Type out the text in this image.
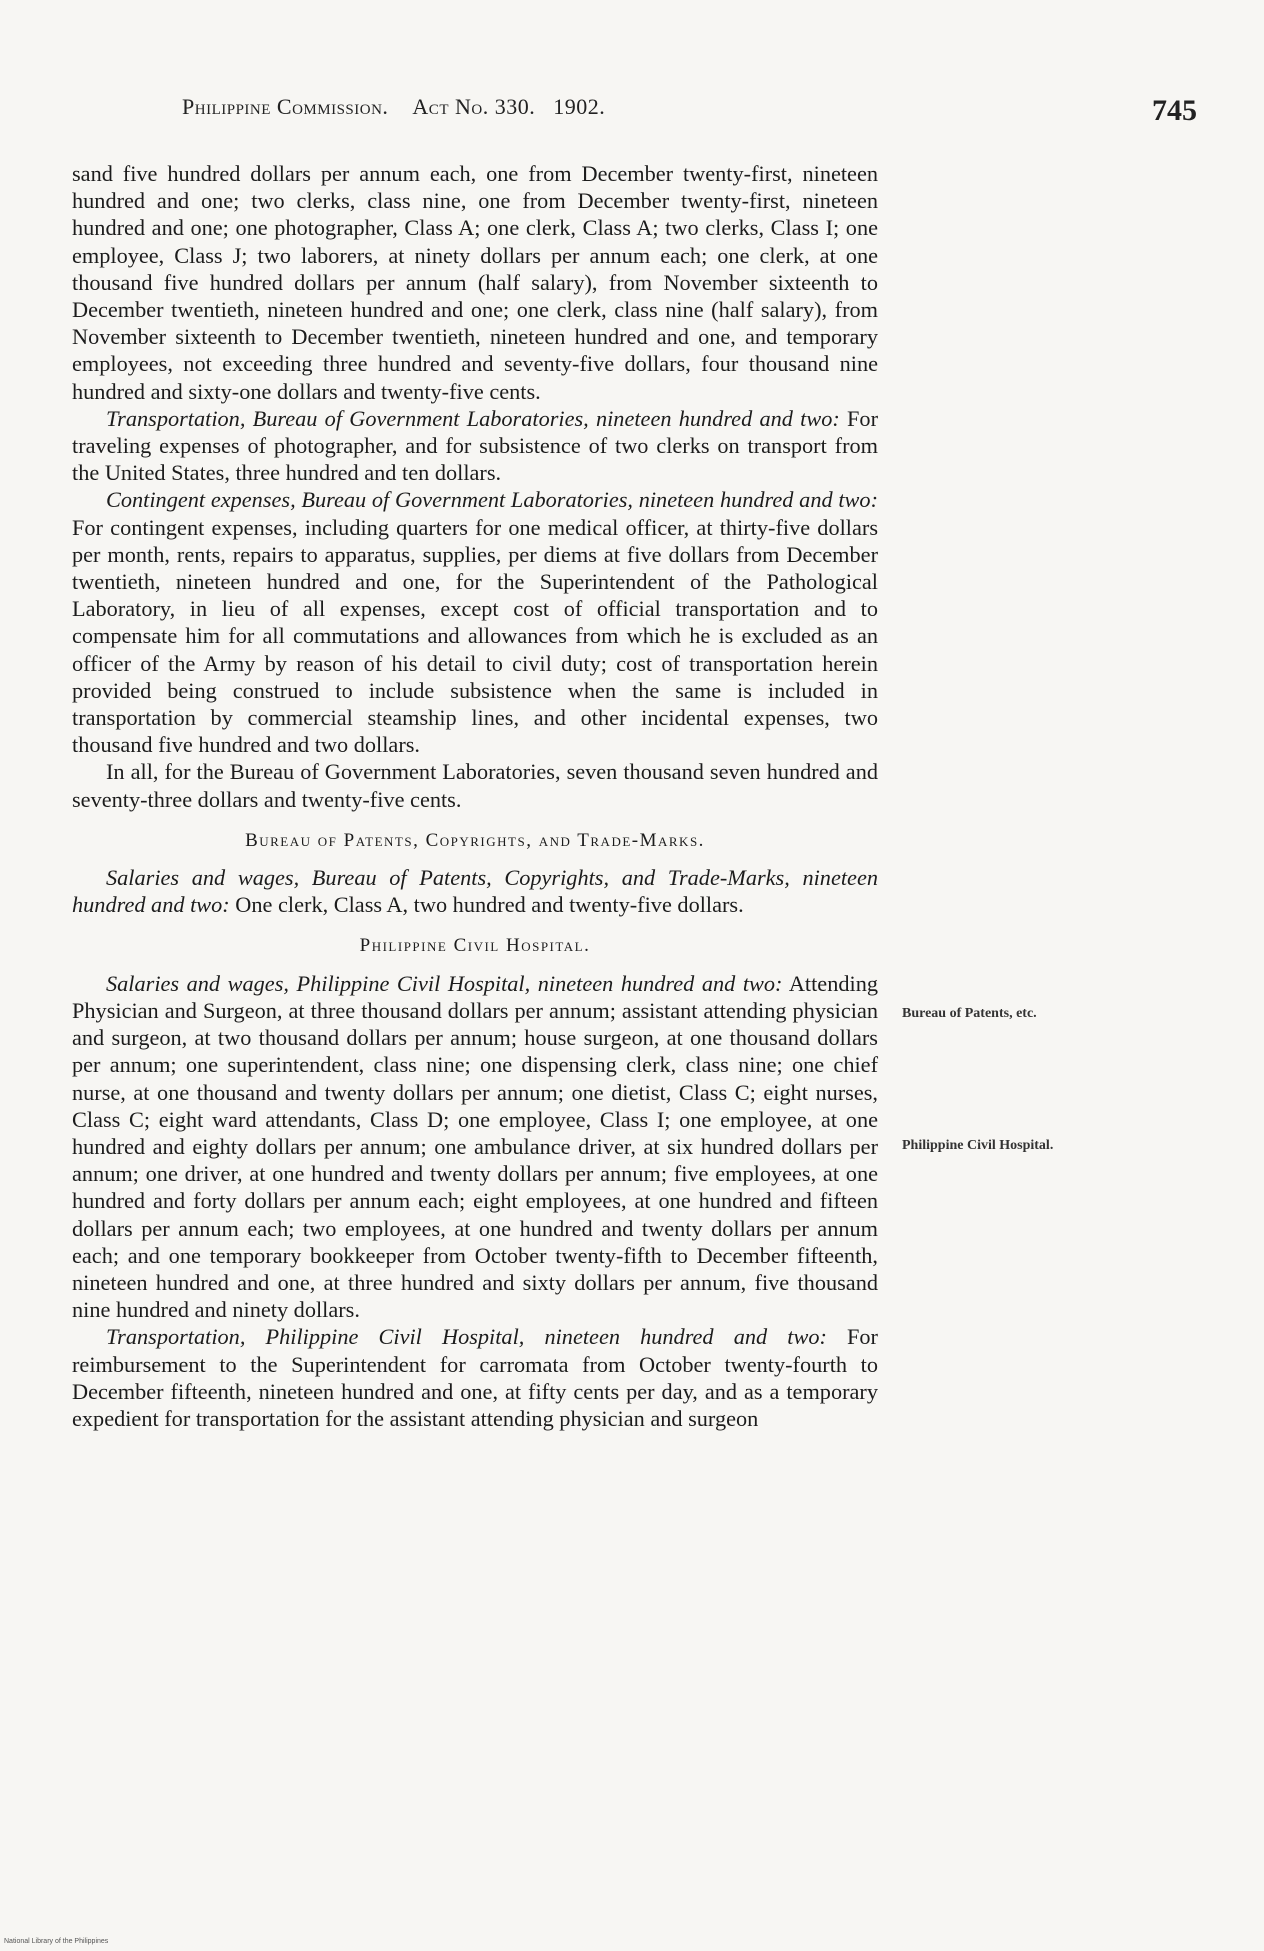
Philippine Commission. Act No. 330. 1902.	745

sand five hundred dollars per annum each, one from December twenty-first, nineteen hundred and one; two clerks, class nine, one from December twenty-first, nineteen hundred and one; one photographer, Class A; one clerk, Class A; two clerks, Class I; one employee, Class J; two laborers, at ninety dollars per annum each; one clerk, at one thousand five hundred dollars per annum (half salary), from November sixteenth to December twentieth, nineteen hundred and one; one clerk, class nine (half salary), from November sixteenth to December twentieth, nineteen hundred and one, and temporary employees, not exceeding three hundred and seventy-five dollars, four thousand nine hundred and sixty-one dollars and twenty-five cents.

Transportation, Bureau of Government Laboratories, nineteen hundred and two: For traveling expenses of photographer, and for subsistence of two clerks on transport from the United States, three hundred and ten dollars.

Contingent expenses, Bureau of Government Laboratories, nineteen hundred and two: For contingent expenses, including quarters for one medical officer, at thirty-five dollars per month, rents, repairs to apparatus, supplies, per diems at five dollars from December twentieth, nineteen hundred and one, for the Superintendent of the Pathological Laboratory, in lieu of all expenses, except cost of official transportation and to compensate him for all commutations and allowances from which he is excluded as an officer of the Army by reason of his detail to civil duty; cost of transportation herein provided being construed to include subsistence when the same is included in transportation by commercial steamship lines, and other incidental expenses, two thousand five hundred and two dollars.

In all, for the Bureau of Government Laboratories, seven thousand seven hundred and seventy-three dollars and twenty-five cents.

Bureau of Patents, Copyrights, and Trade-Marks.

Salaries and wages, Bureau of Patents, Copyrights, and Trade-Marks, nineteen hundred and two: One clerk, Class A, two hundred and twenty-five dollars.

Philippine Civil Hospital.

Salaries and wages, Philippine Civil Hospital, nineteen hundred and two: Attending Physician and Surgeon, at three thousand dollars per annum; assistant attending physician and surgeon, at two thousand dollars per annum; house surgeon, at one thousand dollars per annum; one superintendent, class nine; one dispensing clerk, class nine; one chief nurse, at one thousand and twenty dollars per annum; one dietist, Class C; eight nurses, Class C; eight ward attendants, Class D; one employee, Class I; one employee, at one hundred and eighty dollars per annum; one ambulance driver, at six hundred dollars per annum; one driver, at one hundred and twenty dollars per annum; five employees, at one hundred and forty dollars per annum each; eight employees, at one hundred and fifteen dollars per annum each; two employees, at one hundred and twenty dollars per annum each; and one temporary bookkeeper from October twenty-fifth to December fifteenth, nineteen hundred and one, at three hundred and sixty dollars per annum, five thousand nine hundred and ninety dollars.

Transportation, Philippine Civil Hospital, nineteen hundred and two: For reimbursement to the Superintendent for carromata from October twenty-fourth to December fifteenth, nineteen hundred and one, at fifty cents per day, and as a temporary expedient for transportation for the assistant attending physician and surgeon

Bureau of Patents, etc.
Philippine Civil Hospital.
National Library of the Philippines
